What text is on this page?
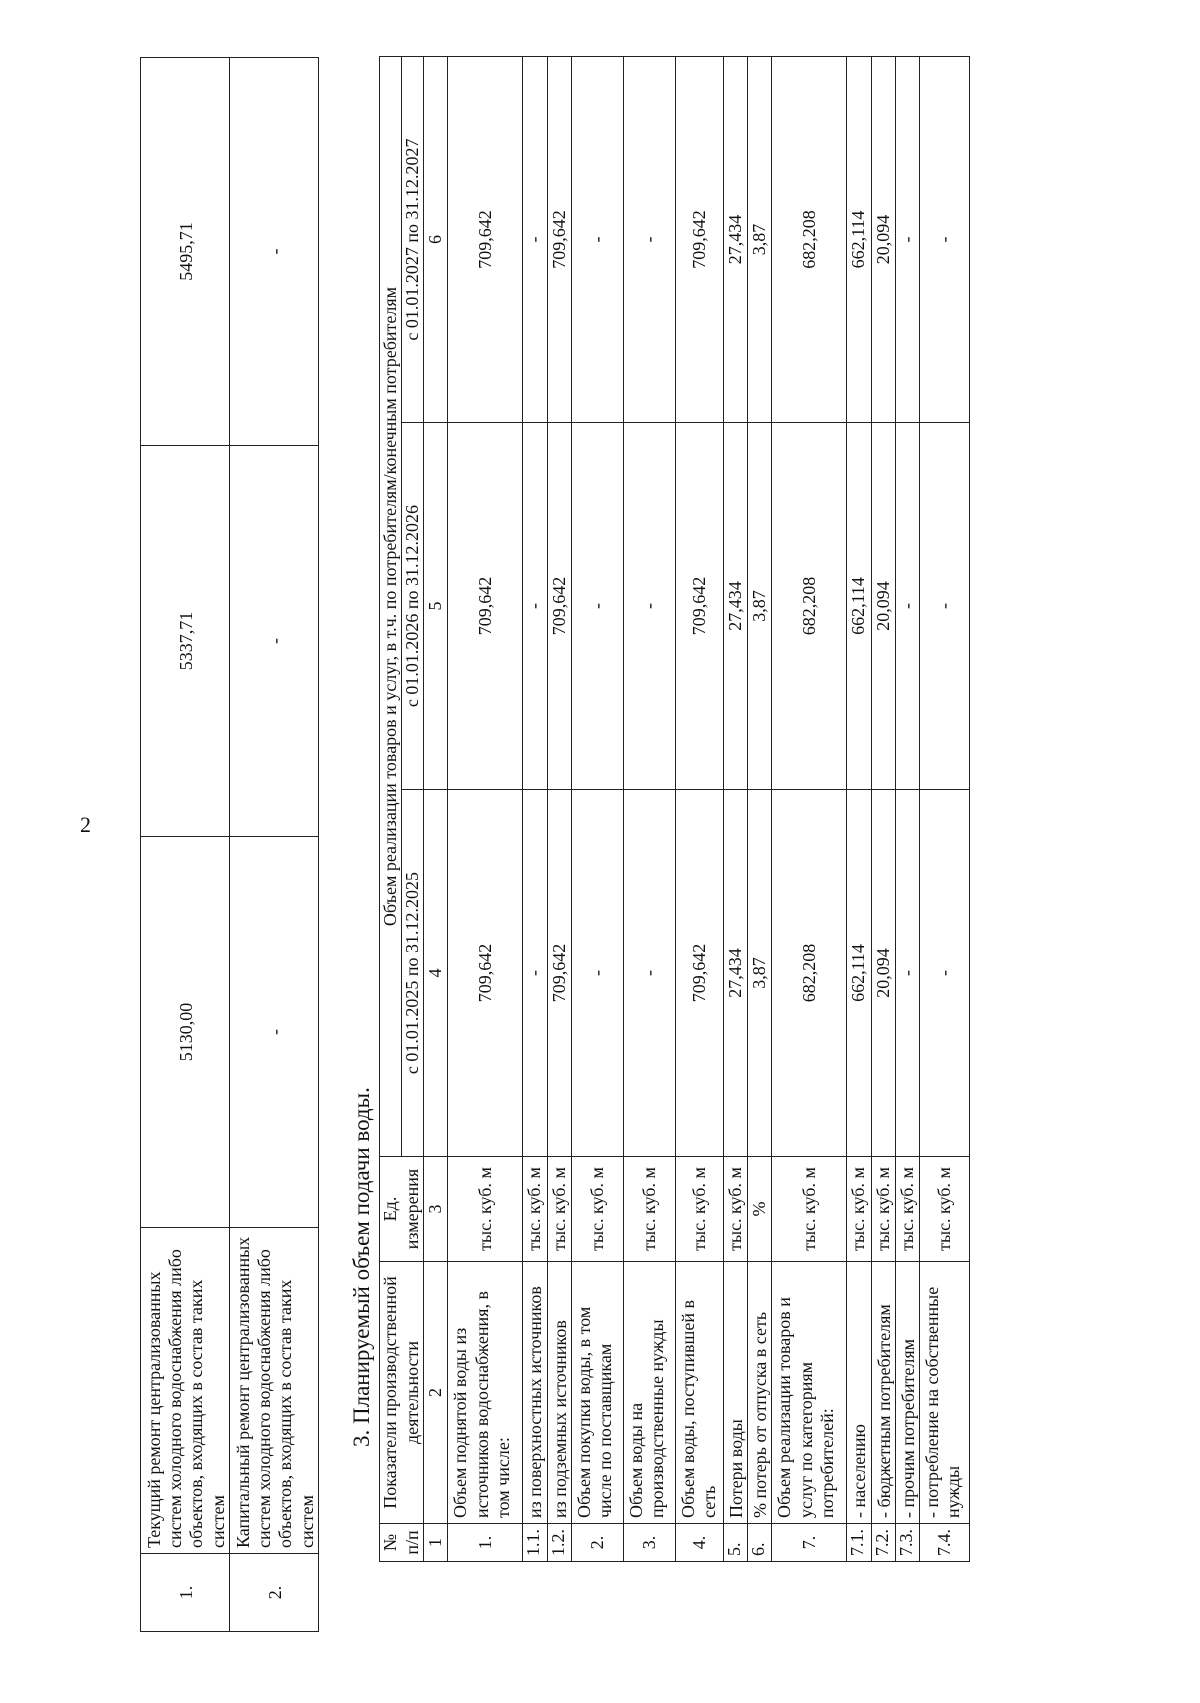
2
1.	Текущий ремонт централизованных систем холодного водоснабжения либо объектов, входящих в состав таких систем	5130,00	5337,71	5495,71
2.	Капитальный ремонт централизованных систем холодного водоснабжения либо объектов, входящих в состав таких систем	-	-	-
3. Планируемый объем подачи воды.
№ п/п	Показатели производственной деятельности	Ед. измерения	Объем реализации товаров и услуг, в т.ч. по потребителям/конечным потребителям		
			с 01.01.2025 по 31.12.2025	с 01.01.2026 по 31.12.2026	с 01.01.2027 по 31.12.2027
1	2	3	4	5	6
1.	Объем поднятой воды из источников водоснабжения, в том числе:	тыс. куб. м	709,642	709,642	709,642
1.1.	из поверхностных источников	тыс. куб. м	-	-	-
1.2.	из подземных источников	тыс. куб. м	709,642	709,642	709,642
2.	Объем покупки воды, в том числе по поставщикам	тыс. куб. м	-	-	-
3.	Объем воды на производственные нужды	тыс. куб. м	-	-	-
4.	Объем воды, поступившей в сеть	тыс. куб. м	709,642	709,642	709,642
5.	Потери воды	тыс. куб. м	27,434	27,434	27,434
6.	% потерь от отпуска в сеть	%	3,87	3,87	3,87
7.	Объем реализации товаров и услуг по категориям потребителей:	тыс. куб. м	682,208	682,208	682,208
7.1.	- населению	тыс. куб. м	662,114	662,114	662,114
7.2.	- бюджетным потребителям	тыс. куб. м	20,094	20,094	20,094
7.3.	- прочим потребителям	тыс. куб. м	-	-	-
7.4.	- потребление на собственные нужды	тыс. куб. м	-	-	-
